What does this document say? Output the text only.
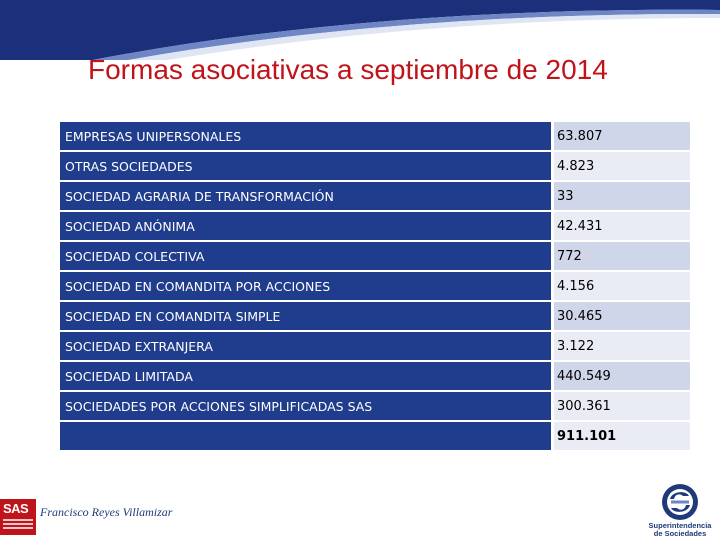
Formas asociativas a septiembre de 2014
EMPRESAS UNIPERSONALES	63.807
OTRAS SOCIEDADES	4.823
SOCIEDAD AGRARIA DE TRANSFORMACIÓN	33
SOCIEDAD ANÓNIMA	42.431
SOCIEDAD COLECTIVA	772
SOCIEDAD EN COMANDITA POR ACCIONES	4.156
SOCIEDAD EN COMANDITA SIMPLE	30.465
SOCIEDAD EXTRANJERA	3.122
SOCIEDAD LIMITADA	440.549
SOCIEDADES POR ACCIONES SIMPLIFICADAS SAS	300.361
	911.101
SAS Francisco Reyes Villamizar
Superintendencia
de Sociedades
